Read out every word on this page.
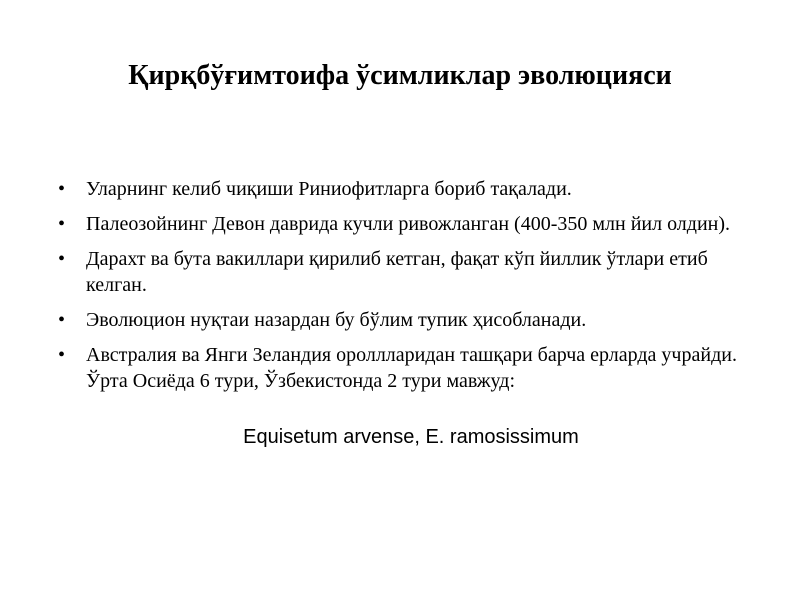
Қирқбўғимтоифа ўсимликлар эволюцияси
•	Уларнинг келиб чиқиши Риниофитларга бориб тақалади.
•	Палеозойнинг Девон даврида кучли ривожланган (400-350 млн йил олдин).
•	Дарахт ва бута вакиллари қирилиб кетган, фақат кўп йиллик ўтлари етиб келган.
•	Эволюцион нуқтаи назардан бу бўлим тупик ҳисобланади.
•	Австралия ва Янги Зеландия ороллларидан ташқари барча ерларда учрайди. Ўрта Осиёда 6 тури, Ўзбекистонда 2 тури мавжуд:
Equisetum arvense, E. ramosissimum
